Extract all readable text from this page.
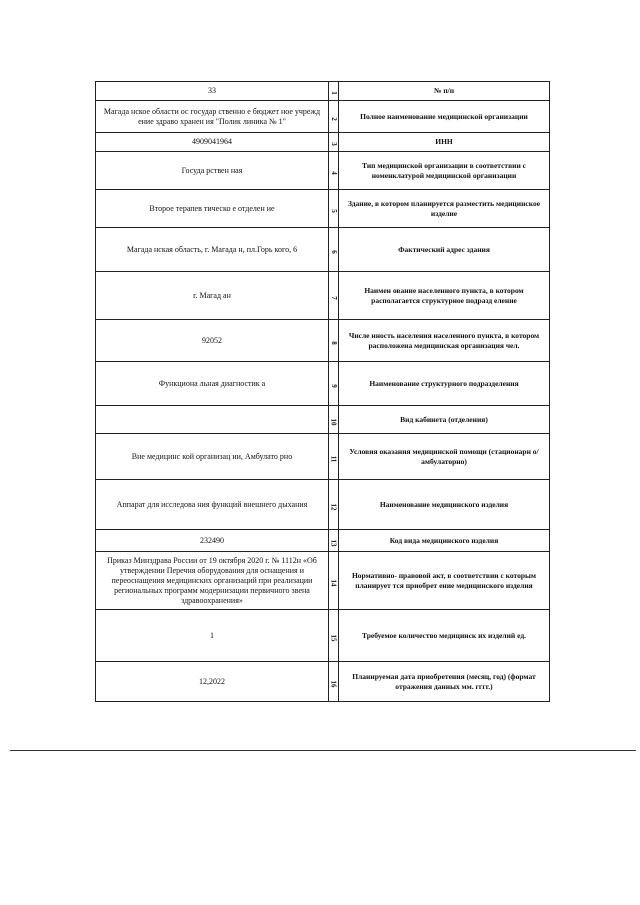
33	1	№ п/п
Магада нское области ос государ ственно е бюджет ное учрежд ение здраво хранен ия "Полик линика № 1"	2	Полное наименование медицинской организации
4909041964	3	ИНН
Госуда рствен ная	4	Тип медицинской организации в соответствии с номенклатурой медицинской организации
Второе терапев тическо е отделен ие	5	Здание, в котором планируется разместить медицинское изделие
Магада нская область, г. Магада н, пл.Горь кого, 6	6	Фактический адрес здания
г. Магад ан	7	Наимен ование населенного пункта, в котором располагается структурное подразд еление
92052	8	Числе нность населения населенного пункта, в котором расположена медицинская организация чел.
Функциона льная диагностик а	9	Наименование структурного подразделения
	10	Вид кабинета (отделения)
Вне медицинс кой организац ии, Амбулато рно	11	Условия оказания медицинской помощи (стационарн о/амбулаторно)
Аппарат для исследова ния функций внешнего дыхания	12	Наименование медицинского изделия
232490	13	Код вида медицинского изделия
Приказ Минздрава России от 19 октября 2020 г. № 1112н «Об утверждении Перечня оборудования для оснащения и переоснащения медицинских организаций при реализации региональных программ модернизации первичного звена здравоохранения»	14	Нормативно- правовой акт, в соответствии с которым планирует тся приобрет ение медицинского изделия
1	15	Требуемое количество медицинск их изделий ед.
12,2022	16	Планируемая дата приобретения (месяц, год) (формат отражения данных мм. гггг.)
